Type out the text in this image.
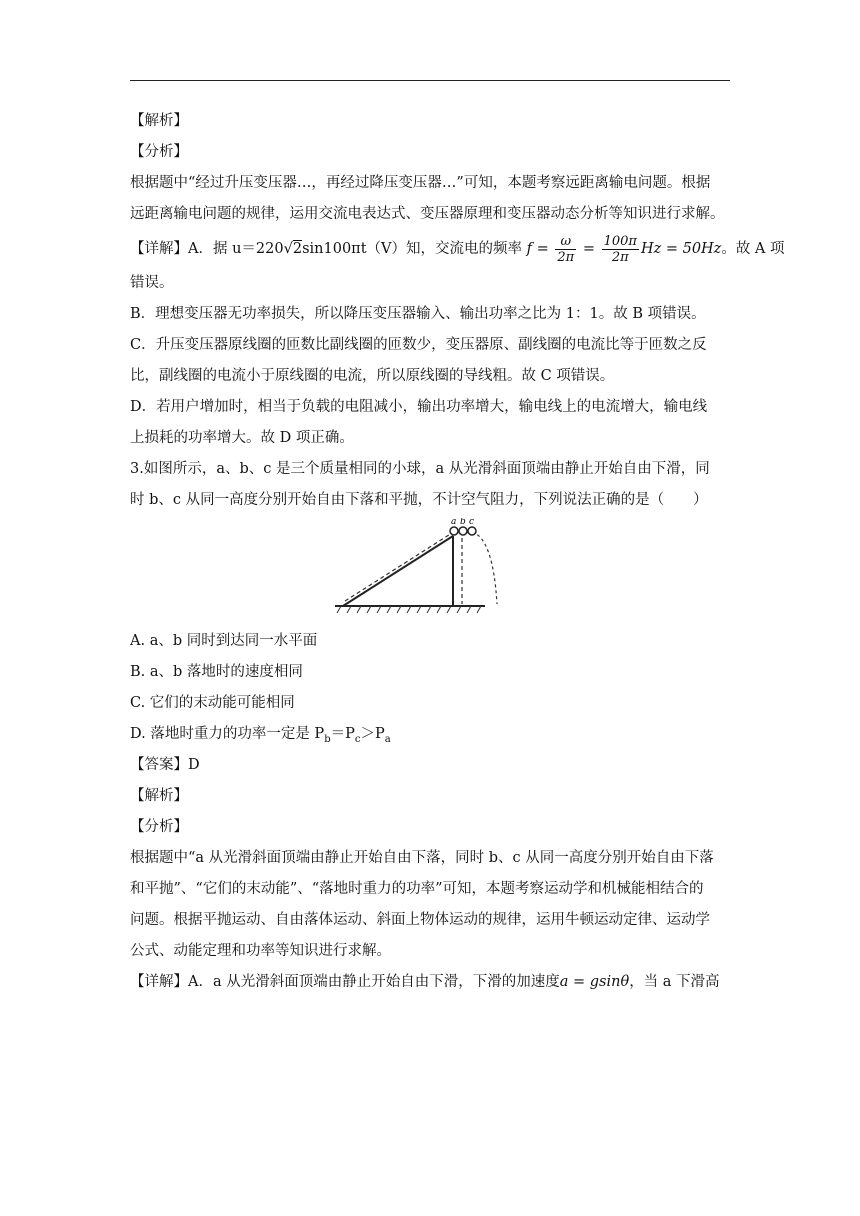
【解析】
【分析】
根据题中“经过升压变压器…，再经过降压变压器…”可知，本题考察远距离输电问题。根据
远距离输电问题的规律，运用交流电表达式、变压器原理和变压器动态分析等知识进行求解。
【详解】A．据 u＝220√2sin100πt（V）知，交流电的频率 $f = \frac{\omega}{2\pi} = \frac{100\pi}{2\pi}$ Hz = 50Hz。故 A 项
错误。
B．理想变压器无功率损失，所以降压变压器输入、输出功率之比为 1：1。故 B 项错误。
C．升压变压器原线圈的匝数比副线圈的匝数少，变压器原、副线圈的电流比等于匝数之反
比，副线圈的电流小于原线圈的电流，所以原线圈的导线粗。故 C 项错误。
D．若用户增加时，相当于负载的电阻减小，输出功率增大，输电线上的电流增大，输电线
上损耗的功率增大。故 D 项正确。
3.如图所示，a、b、c 是三个质量相同的小球，a 从光滑斜面顶端由静止开始自由下滑，同
时 b、c 从同一高度分别开始自由下落和平抛，不计空气阻力，下列说法正确的是（　　）
a b c
A. a、b 同时到达同一水平面
B. a、b 落地时的速度相同
C. 它们的末动能可能相同
D. 落地时重力的功率一定是 $P_b=P_c>P_a$
【答案】D
【解析】
【分析】
根据题中“a 从光滑斜面顶端由静止开始自由下落，同时 b、c 从同一高度分别开始自由下落
和平抛”、“它们的末动能”、“落地时重力的功率”可知，本题考察运动学和机械能相结合的
问题。根据平抛运动、自由落体运动、斜面上物体运动的规律，运用牛顿运动定律、运动学
公式、动能定理和功率等知识进行求解。
【详解】A．a 从光滑斜面顶端由静止开始自由下滑，下滑的加速度a = gsinθ，当 a 下滑高
